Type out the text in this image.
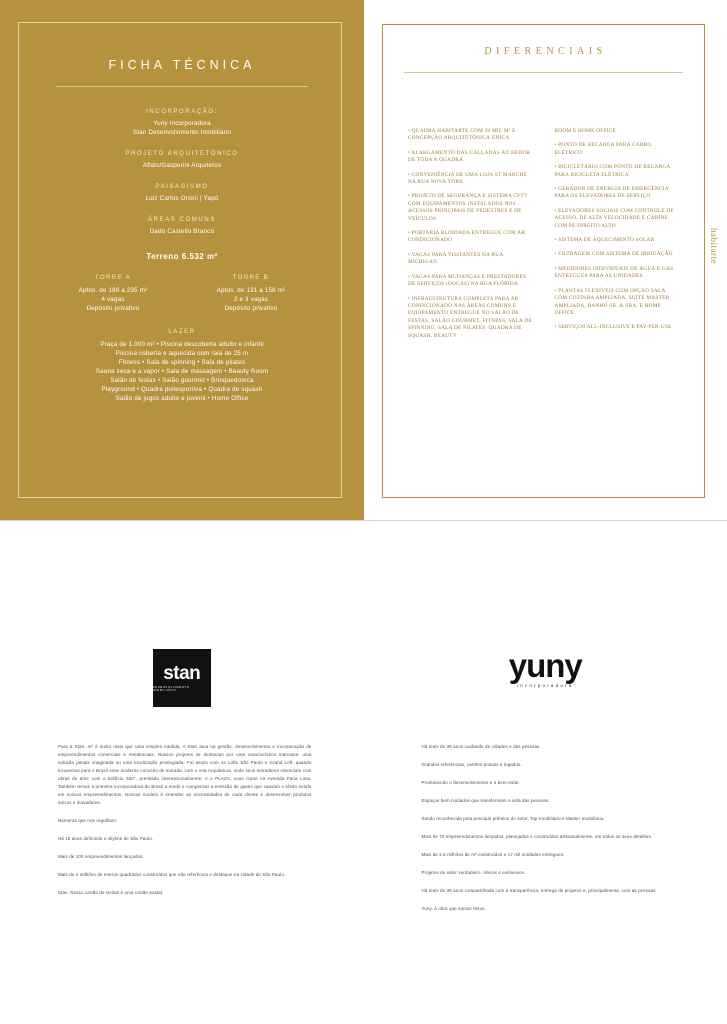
FICHA TÉCNICA
INCORPORAÇÃO:
Yuny Incorporadora
Stan Desenvolvimento Imobiliário
PROJETO ARQUITETÔNICO
Aflalo/Gasperini Arquitetos
PAISAGISMO
Luiz Carlos Orsini | Yapô
ÁREAS COMUNS
Dado Castello Branco
Terreno 6.532 m²
TORRE A
Aptos. de 189 a 235 m²
4 vagas
Depósito privativo
TORRE B
Aptos. de 131 a 158 m²
2 e 3 vagas
Depósito privativo
LAZER
Praça de 1.000 m² • Piscina descoberta adulto e infantil
Piscina coberta e aquecida com raia de 25 m
Fitness • Sala de spinning • Sala de pilates
Sauna seca e a vapor • Sala de massagem • Beauty Room
Salão de festas • Salão gourmet • Brinquedoteca
Playground • Quadra poliesportiva • Quadra de squash
Salão de jogos adulto e juvenil • Home Office
DIFERENCIAIS
• QUADRA HABITARTE COM 20 MIL M² E CONCEPÇÃO ARQUITETÔNICA ÚNICA
• ALARGAMENTO DAS CALÇADAS AO REDOR DE TODA A QUADRA
• CONVENIÊNCIA DE UMA LOJA ST MARCHE NA RUA NOVA YORK
• PROJETO DE SEGURANÇA E SISTEMA CFTV COM EQUIPAMENTOS INSTALADOS NOS ACESSOS PRINCIPAIS DE PEDESTRES E DE VEÍCULOS
• PORTARIA BLINDADA ENTREGUE COM AR CONDICIONADO
• VAGAS PARA VISITANTES NA RUA MICHIGAN
• VAGAS PARA MUDANÇAS E PRESTADORES DE SERVIÇOS (DOCAS) NA RUA FLÓRIDA
• INFRAESTRUTURA COMPLETA PARA AR CONDICIONADO NAS ÁREAS COMUNS E EQUIPAMENTO ENTREGUE NO SALÃO DE FESTAS, SALÃO GOURMET, FITNESS, SALA DE SPINNING, SALA DE PILATES, QUADRA DE SQUASH, BEAUTY
ROOM E HOME OFFICE
• PONTO DE RECARGA PARA CARRO ELÉTRICO
• BICICLETÁRIO COM PONTO DE RECARGA PARA BICICLETA ELÉTRICA
• GERADOR DE ENERGIA DE EMERGÊNCIA PARA OS ELEVADORES DE SERVIÇO
• ELEVADORES SOCIAIS COM CONTROLE DE ACESSO, DE ALTA VELOCIDADE E CABINE COM PÉ DIREITO ALTO
• SISTEMA DE AQUECIMENTO SOLAR
• FILTRAGEM COM SISTEMA DE IRRIGAÇÃO
• MEDIDORES INDIVIDUAIS DE ÁGUA E GÁS ENTREGUES PARA AS UNIDADES
• PLANTAS FLEXÍVEIS COM OPÇÃO SALA COM COZINHA AMPLIADA, SUÍTE MASTER AMPLIADA, BANHO SR. & SRA. E HOME OFFICE
• SERVIÇOS ALL-INCLUSIVE E PAY-PER-USE
habitarte
stan
DESENVOLVIMENTO IMOBILIÁRIO

Para a Stan, m² é muito mais que uma simples medida. A Stan atua na gestão, desenvolvimento e incorporação de empreendimentos comerciais e residenciais. Nossos projetos se destacam por uma característica marcante: uma solução jamais imaginada ou uma localização privilegiada. Foi assim com os Lofts São Paulo e Grand Loft, quando trouxemos para o Brasil esse moderno conceito de morada; com o Ana Arquitetura, onde seus moradores vivenciam com obras de arte; com o Edifício 360°, premiado internacionalmente; e o PLAZA, novo ícone na Avenida Faria Lima. Também temos a primeira incorporadora do Brasil a medir e compensar a emissão de gases que causam o efeito estufa em nossos empreendimentos. Nossos modelo é entender as necessidades de cada cliente e desenvolver produtos únicos e inovadores.

Números que nos orgulham:

Há 15 anos definindo o skyline de São Paulo.

Mais de 100 empreendimentos lançados.

Mais de 2 milhões de metros quadrados construídos que não referência e destaque na cidade de São Paulo.

Stan. Nosso cartão de visitas é uma cartão postal.

yuny
incorporadora

Há mais de 30 anos cuidando de cidades e das pessoas.

Grandes referências, cartões postais e legados.

Promovendo o desenvolvimento e o bem-estar.

Espaços bem cuidados que transformam a vida das pessoas.

Sendo reconhecida pela principal prêmios do setor. Top Imobiliário e Master Imobiliário.

Mais de 70 empreendimentos lançados, planejados e construídos artesanalmente, em todos os seus detalhes.

Mais de 2,5 milhões de m² construídos e 17 mil unidades entregues.

Projetos de valor verdadeiro, únicos e exclusivos.

Há mais de 30 anos compartilhada com a transparência, entrega de projetos e, principalmente, com as pessoas.

Yuny, à obra que somos feitos.
